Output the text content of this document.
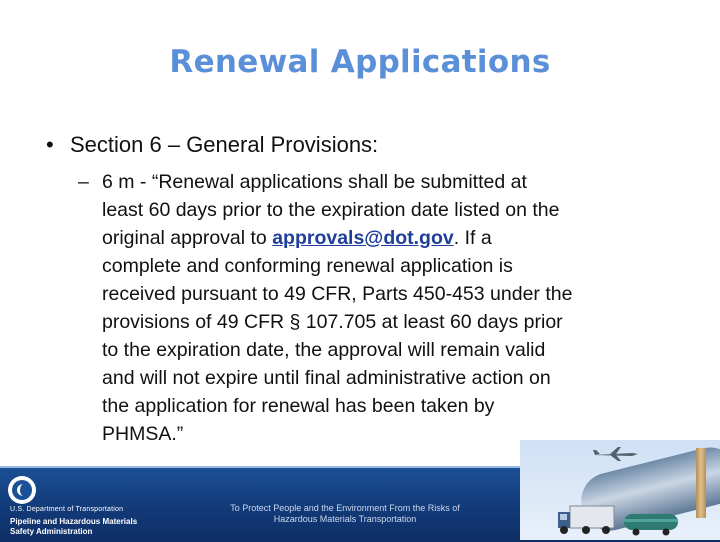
Renewal Applications
• Section 6 – General Provisions:
– 6 m - “Renewal applications shall be submitted at
least 60 days prior to the expiration date listed on the
original approval to approvals@dot.gov. If a
complete and conforming renewal application is
received pursuant to 49 CFR, Parts 450-453 under the
provisions of 49 CFR § 107.705 at least 60 days prior
to the expiration date, the approval will remain valid
and will not expire until final administrative action on
the application for renewal has been taken by
PHMSA.”
U.S. Department of Transportation
Pipeline and Hazardous Materials
Safety Administration
To Protect People and the Environment From the Risks of
Hazardous Materials Transportation
